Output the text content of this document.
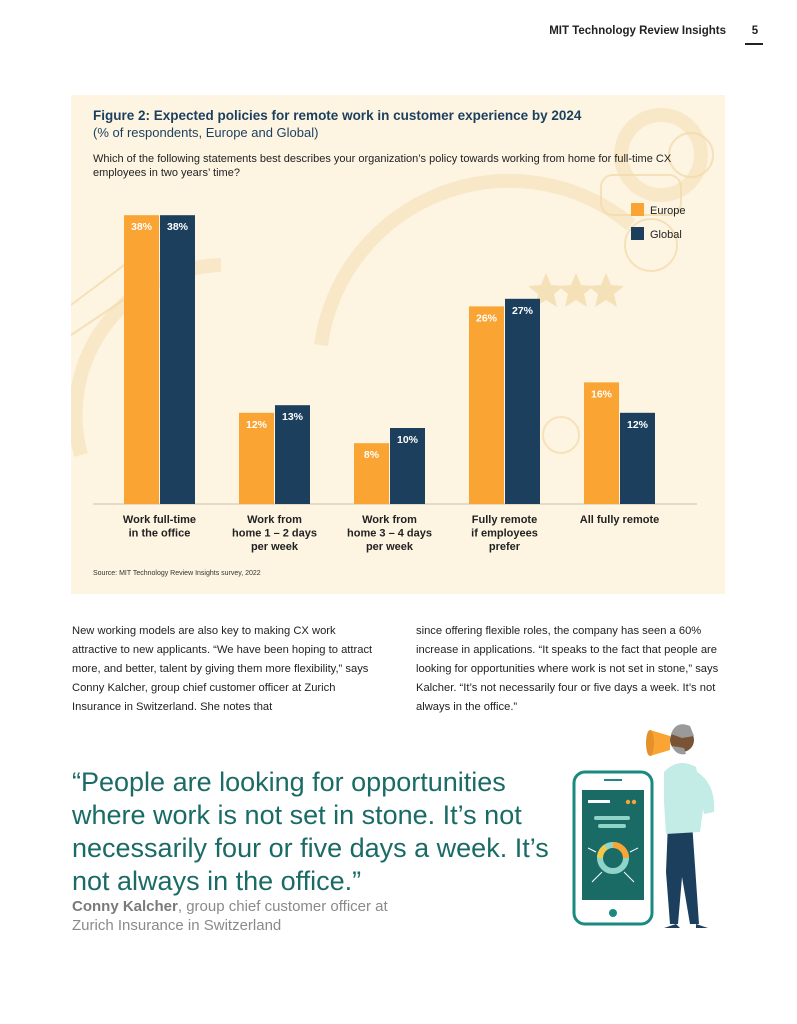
MIT Technology Review Insights	5
Figure 2: Expected policies for remote work in customer experience by 2024
(% of respondents, Europe and Global)
Which of the following statements best describes your organization’s policy towards working from home for full-time CX employees in two years’ time?
38% 38%
Work full-time in the office
12%
13%
Work from home 1 – 2 days per week
8%
10%
Work from home 3 – 4 days per week
26%
27%
Fully remote if employees prefer
16%
12%
All fully remote
Europe
Global
Source: MIT Technology Review Insights survey, 2022
New working models are also key to making CX work attractive to new applicants. “We have been hoping to attract more, and better, talent by giving them more flexibility,” says Conny Kalcher, group chief customer officer at Zurich Insurance in Switzerland. She notes that
since offering flexible roles, the company has seen a 60% increase in applications. “It speaks to the fact that people are looking for opportunities where work is not set in stone,” says Kalcher. “It’s not necessarily four or five days a week. It’s not always in the office.”
“People are looking for opportunities where work is not set in stone. It’s not necessarily four or five days a week. It’s not always in the office.”
Conny Kalcher, group chief customer officer at Zurich Insurance in Switzerland
